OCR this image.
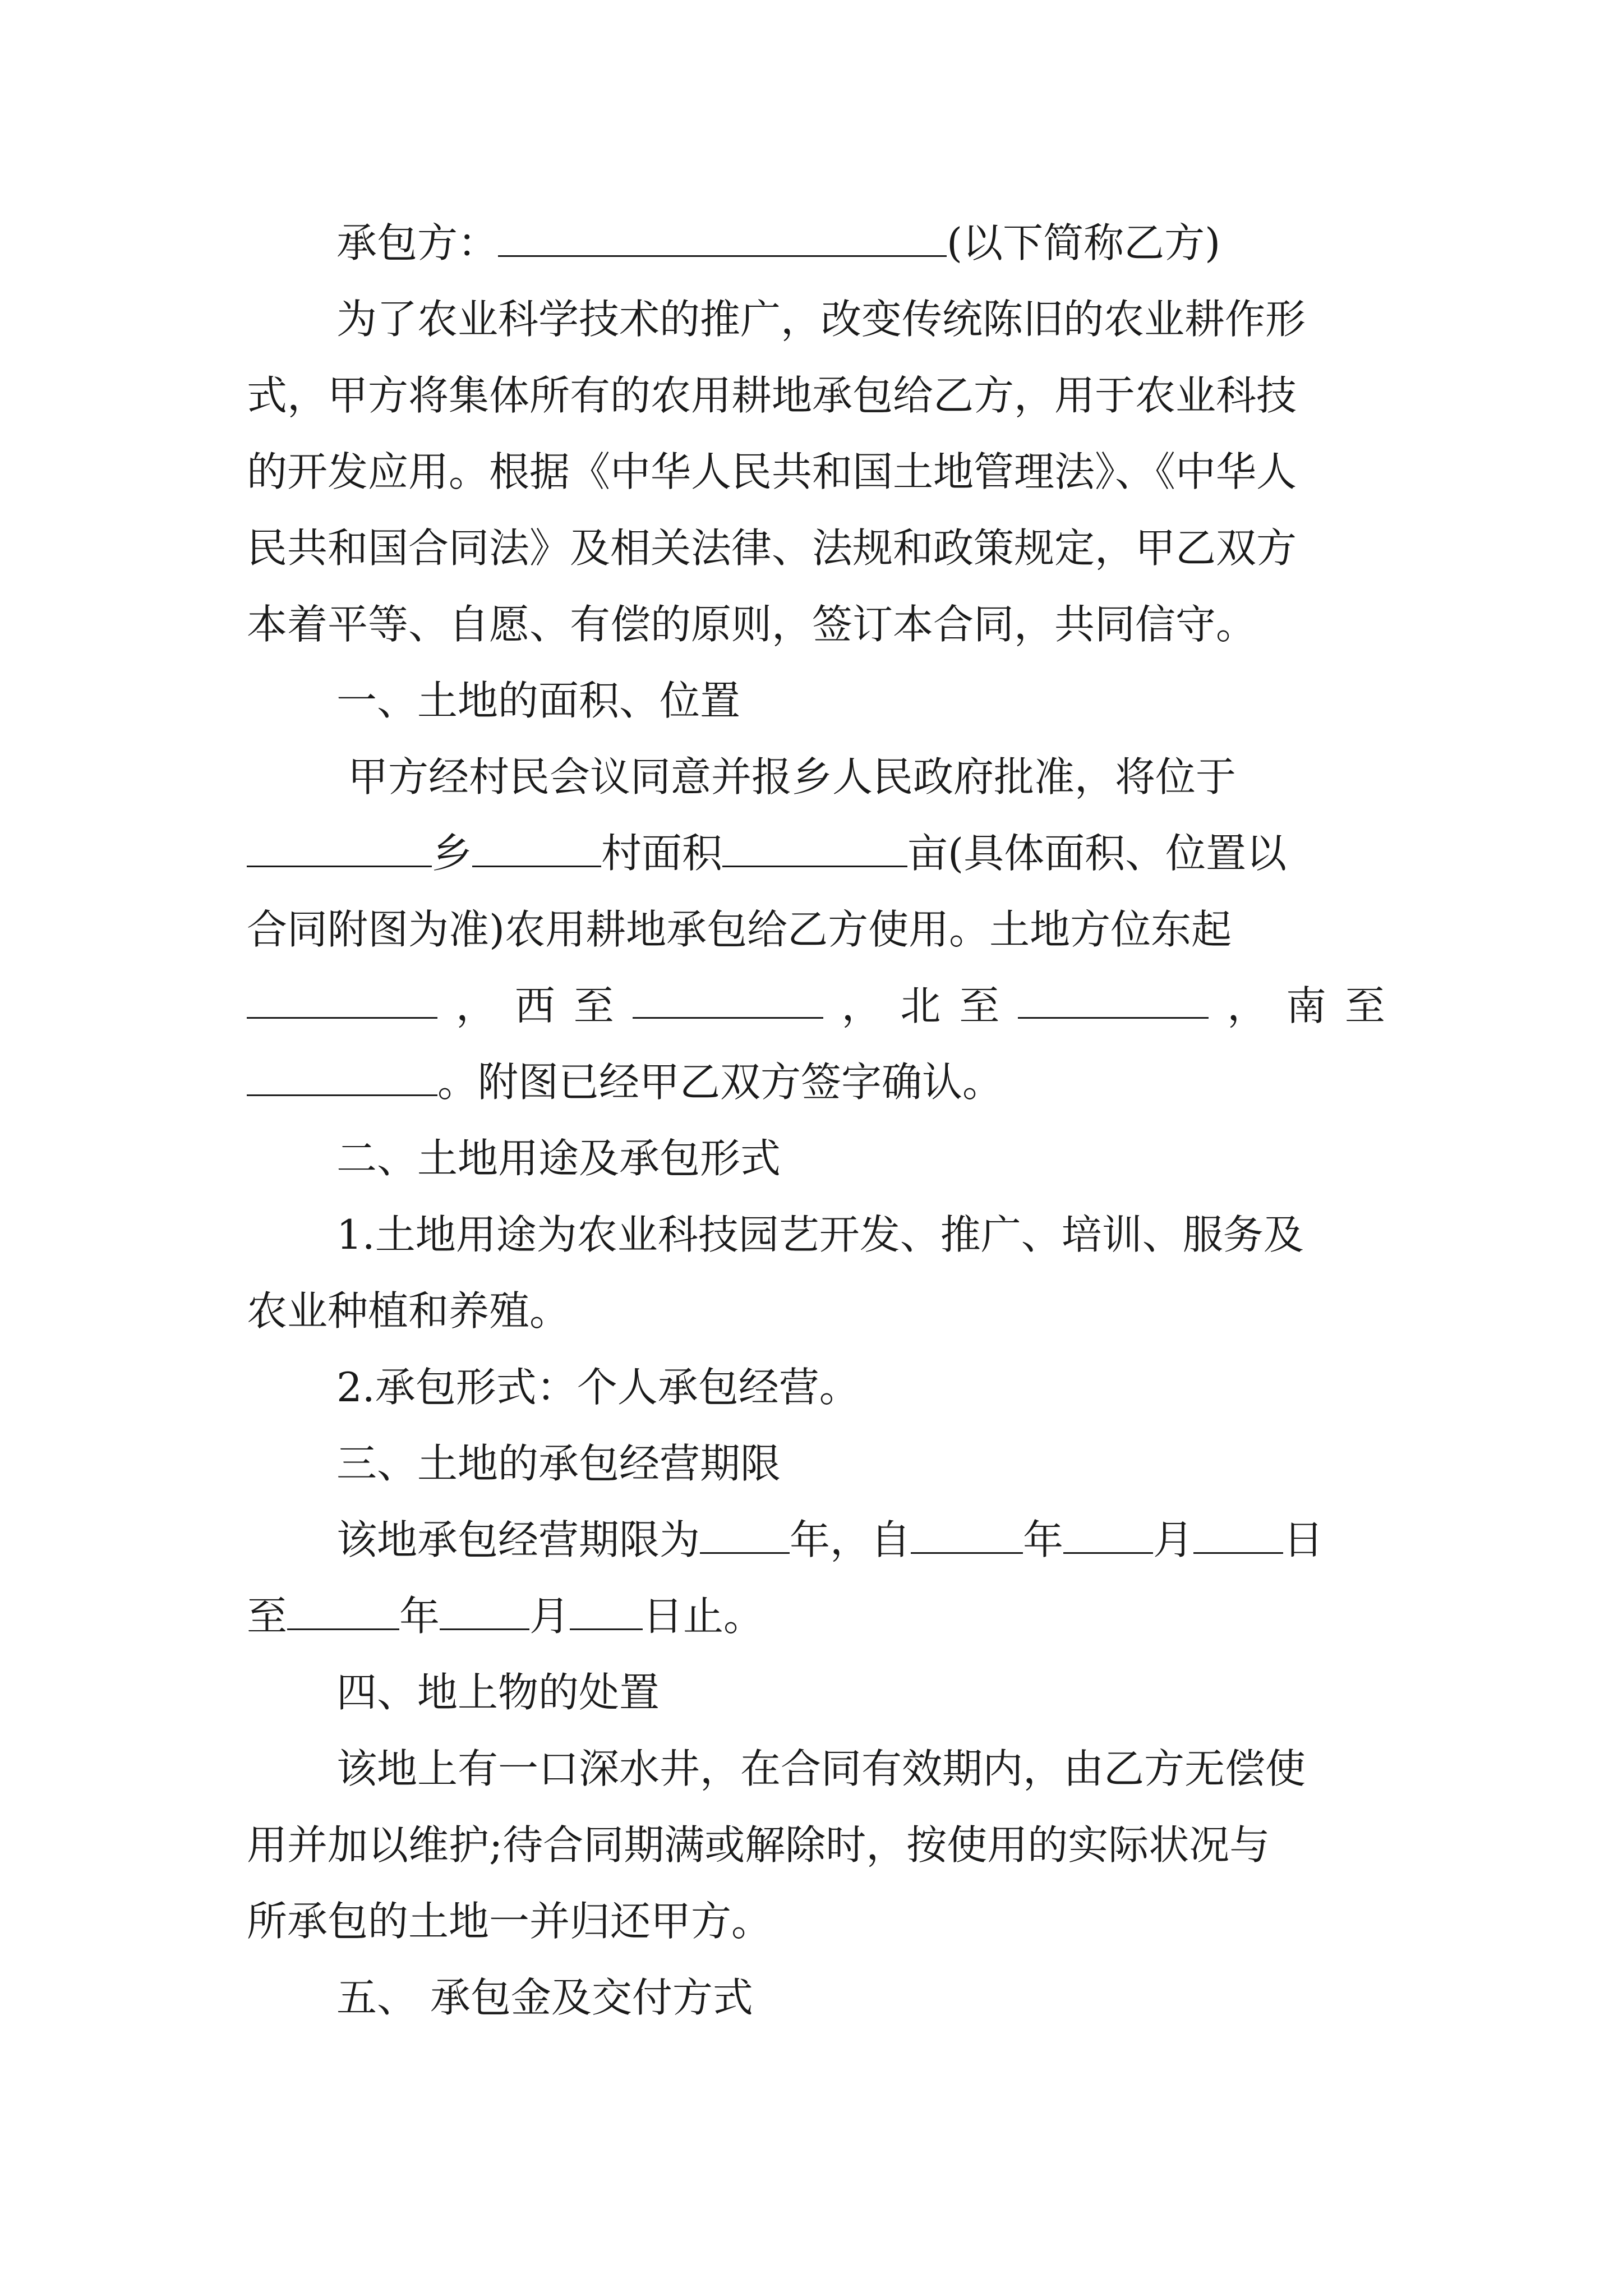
承包方：	(以下简称乙方)
为了农业科学技术的推广，改变传统陈旧的农业耕作形
式，甲方将集体所有的农用耕地承包给乙方，用于农业科技
的开发应用。根据《中华人民共和国土地管理法》、《中华人
民共和国合同法》及相关法律、法规和政策规定，甲乙双方
本着平等、自愿、有偿的原则，签订本合同，共同信守。
一、土地的面积、位置
甲方经村民会议同意并报乡人民政府批准，将位于
乡	村面积	亩(具体面积、位置以
合同附图为准)农用耕地承包给乙方使用。土地方位东起
， 西 至	， 北 至	， 南 至
。附图已经甲乙双方签字确认。
二、土地用途及承包形式
1.土地用途为农业科技园艺开发、推广、培训、服务及
农业种植和养殖。
2.承包形式：个人承包经营。
三、土地的承包经营期限
该地承包经营期限为 年，自	年 月 日
至	年 月 日止。
四、地上物的处置
该地上有一口深水井，在合同有效期内，由乙方无偿使
用并加以维护;待合同期满或解除时，按使用的实际状况与
所承包的土地一并归还甲方。
五、 承包金及交付方式
